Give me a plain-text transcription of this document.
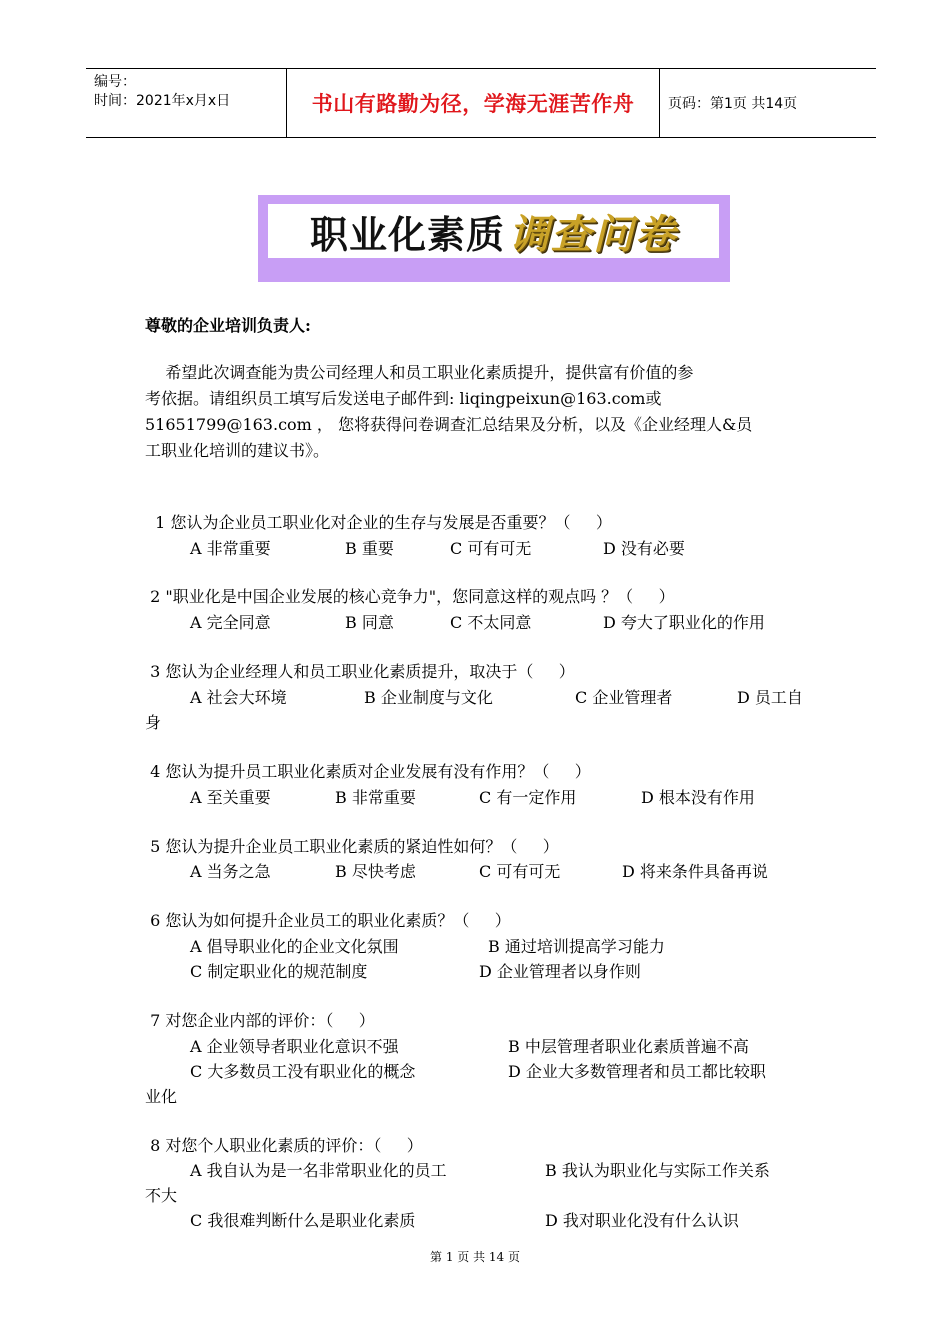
编号：
时间：2021年x月x日	书山有路勤为径，学海无涯苦作舟	页码：第1页 共14页
职业化素质 调查问卷
尊敬的企业培训负责人:
希望此次调查能为贵公司经理人和员工职业化素质提升，提供富有价值的参
考依据。请组织员工填写后发送电子邮件到: liqingpeixun@163.com或
51651799@163.com ， 您将获得问卷调查汇总结果及分析，以及《企业经理人&员
工职业化培训的建议书》。
1 您认为企业员工职业化对企业的生存与发展是否重要？（     ）
A 非常重要	B 重要	C 可有可无	D 没有必要
2 "职业化是中国企业发展的核心竞争力"，您同意这样的观点吗 ？（     ）
A 完全同意	B 同意	C 不太同意	D 夸大了职业化的作用
3 您认为企业经理人和员工职业化素质提升，取决于（     ）
A 社会大环境	B 企业制度与文化	C 企业管理者	D 员工自
身
4 您认为提升员工职业化素质对企业发展有没有作用？（     ）
A 至关重要	B 非常重要	C 有一定作用	D 根本没有作用
5 您认为提升企业员工职业化素质的紧迫性如何？（     ）
A 当务之急	B 尽快考虑	C 可有可无	D 将来条件具备再说
6 您认为如何提升企业员工的职业化素质？（     ）
A 倡导职业化的企业文化氛围	B 通过培训提高学习能力
C 制定职业化的规范制度	D 企业管理者以身作则
7 对您企业内部的评价：（     ）
A 企业领导者职业化意识不强	B 中层管理者职业化素质普遍不高
C 大多数员工没有职业化的概念	D 企业大多数管理者和员工都比较职
业化
8 对您个人职业化素质的评价：（     ）
A 我自认为是一名非常职业化的员工	B 我认为职业化与实际工作关系
不大
C 我很难判断什么是职业化素质	D 我对职业化没有什么认识
第 1 页 共 14 页
